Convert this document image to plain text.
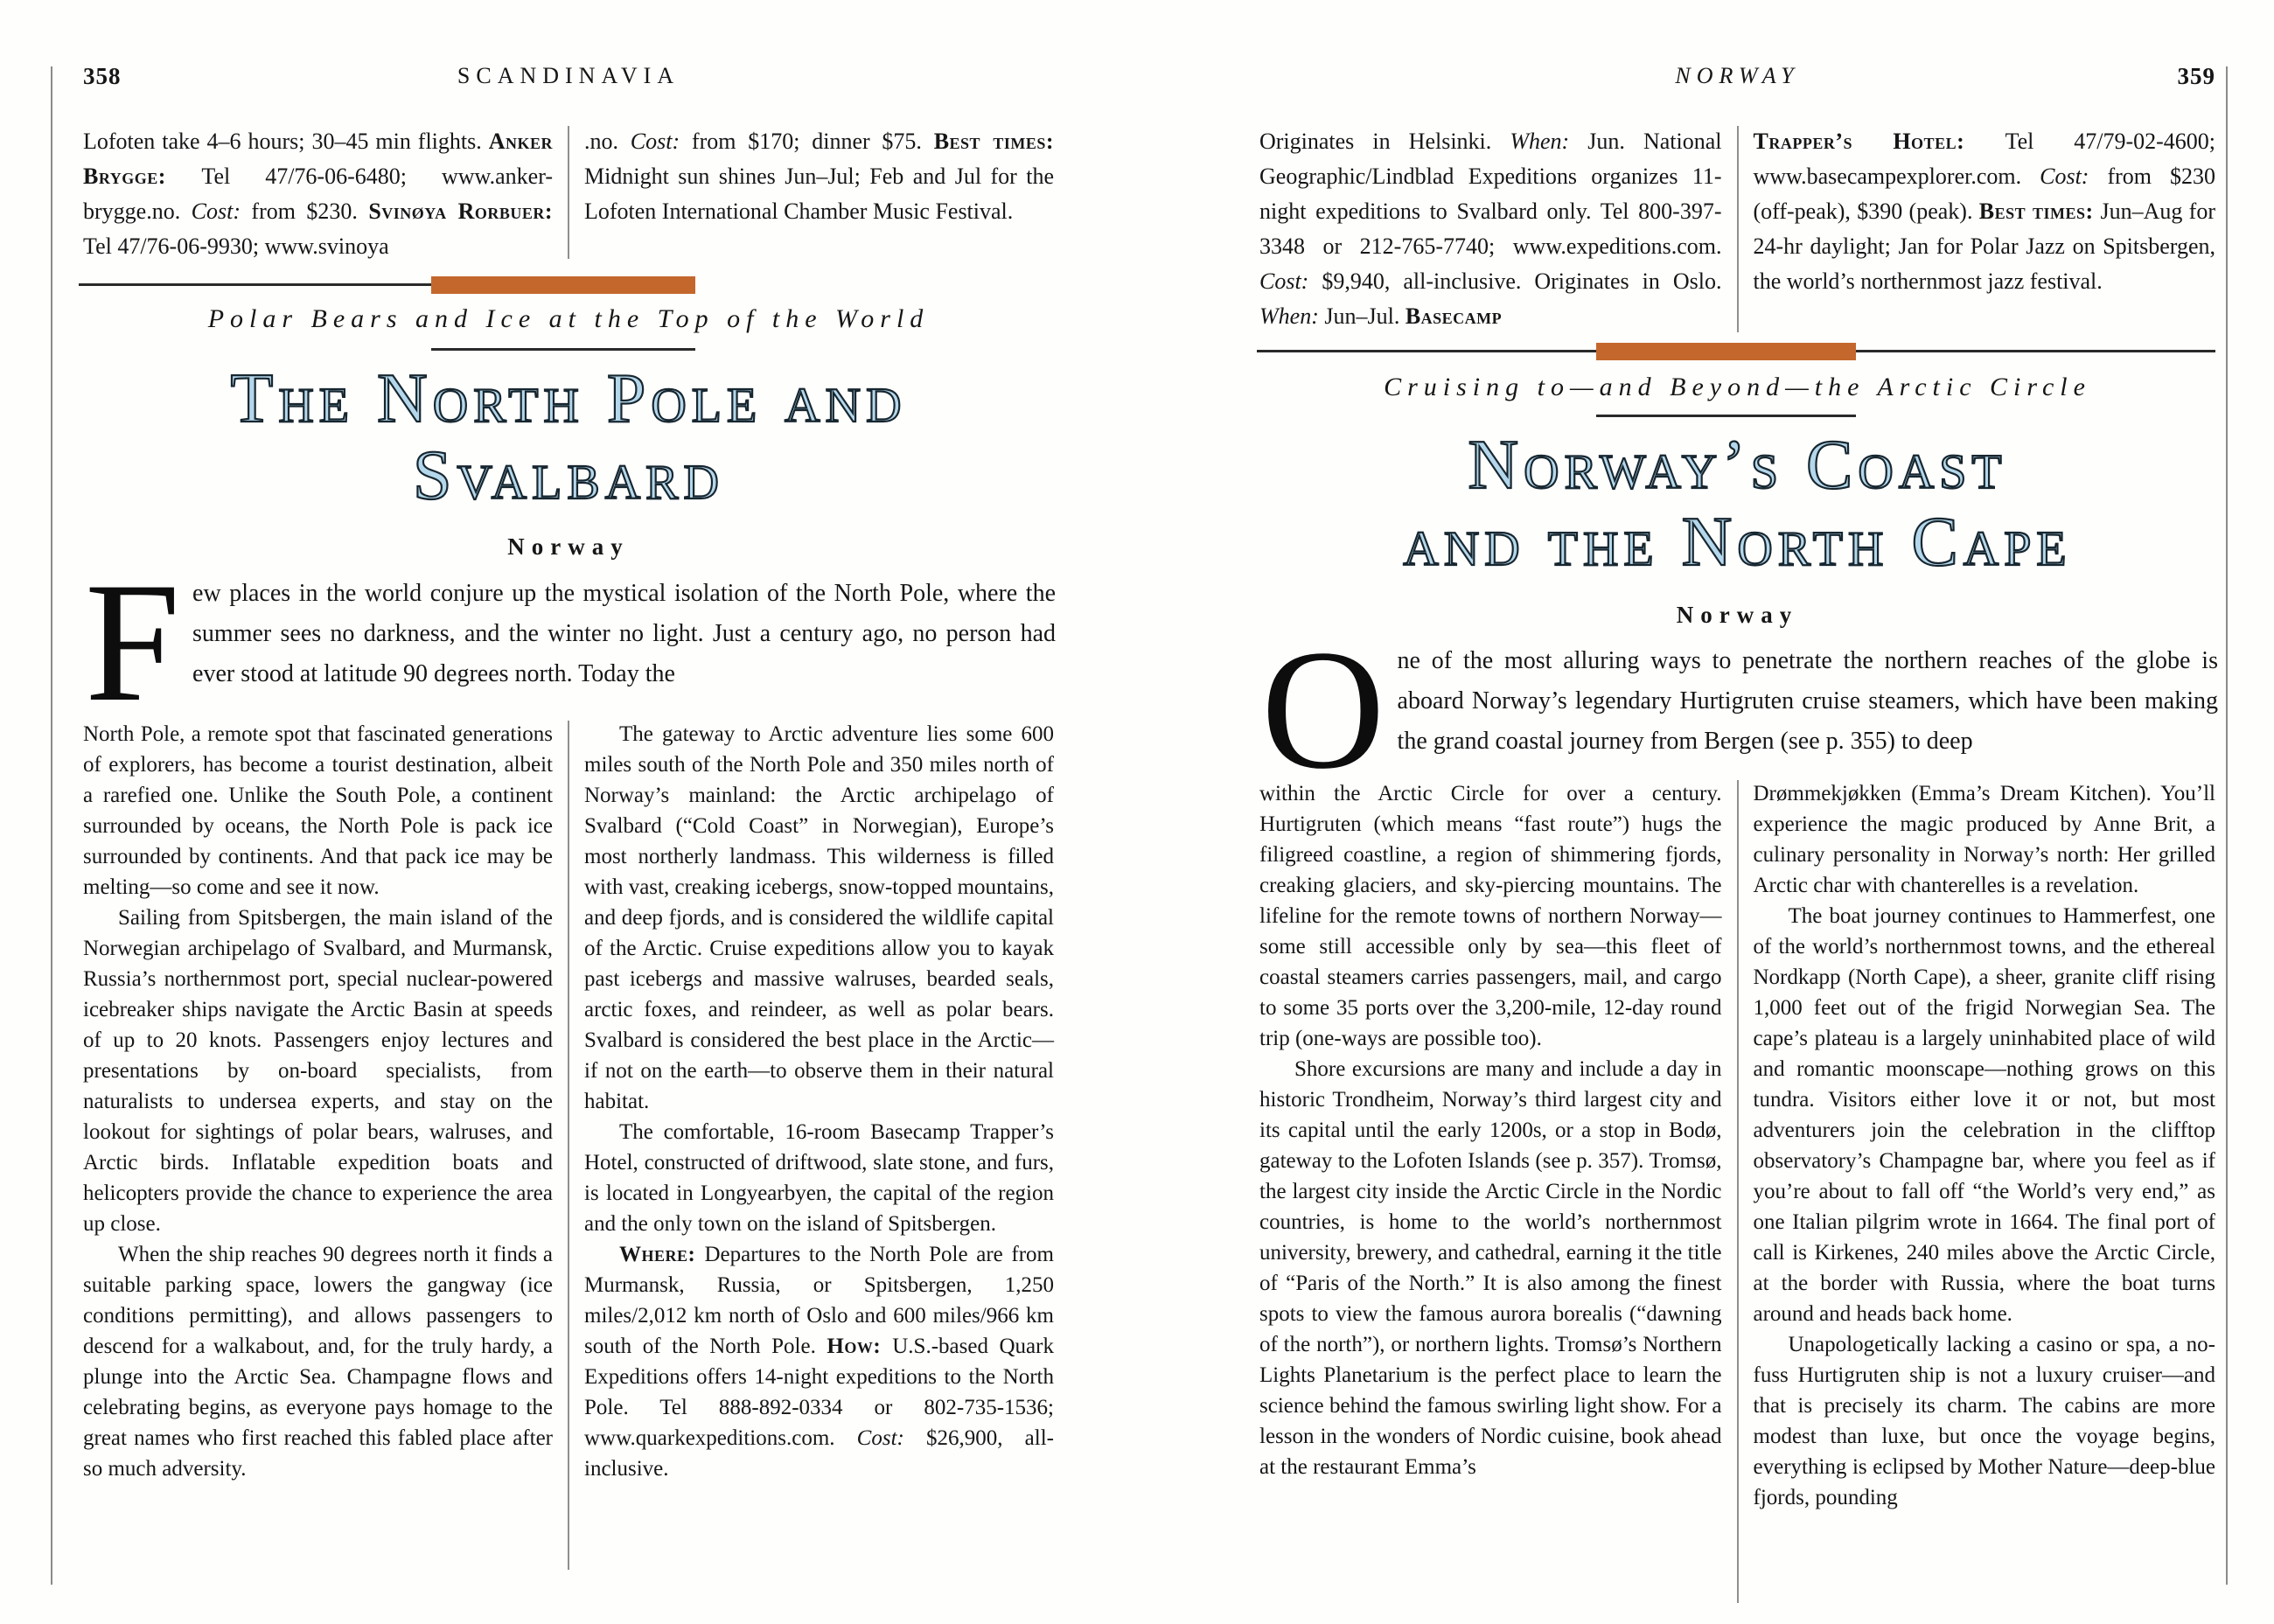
358	SCANDINAVIA

Lofoten take 4–6 hours; 30–45 min flights. Anker Brygge: Tel 47/76-06-6480; www.anker-brygge.no. Cost: from $230. Svinøya Rorbuer: Tel 47/76-06-9930; www.svinoya

.no. Cost: from $170; dinner $75. Best times: Midnight sun shines Jun–Jul; Feb and Jul for the Lofoten International Chamber Music Festival.

Polar Bears and Ice at the Top of the World
The North Pole and
Svalbard
Norway
Few places in the world conjure up the mystical isolation of the North Pole, where the summer sees no darkness, and the winter no light. Just a century ago, no person had ever stood at latitude 90 degrees north. Today the

North Pole, a remote spot that fascinated generations of explorers, has become a tourist destination, albeit a rarefied one. Unlike the South Pole, a continent surrounded by oceans, the North Pole is pack ice surrounded by continents. And that pack ice may be melting—so come and see it now.

Sailing from Spitsbergen, the main island of the Norwegian archipelago of Svalbard, and Murmansk, Russia’s northernmost port, special nuclear-powered icebreaker ships navigate the Arctic Basin at speeds of up to 20 knots. Passengers enjoy lectures and presentations by on-board specialists, from naturalists to undersea experts, and stay on the lookout for sightings of polar bears, walruses, and Arctic birds. Inflatable expedition boats and helicopters provide the chance to experience the area up close.

When the ship reaches 90 degrees north it finds a suitable parking space, lowers the gangway (ice conditions permitting), and allows passengers to descend for a walkabout, and, for the truly hardy, a plunge into the Arctic Sea. Champagne flows and celebrating begins, as everyone pays homage to the great names who first reached this fabled place after so much adversity.

The gateway to Arctic adventure lies some 600 miles south of the North Pole and 350 miles north of Norway’s mainland: the Arctic archipelago of Svalbard (“Cold Coast” in Norwegian), Europe’s most northerly landmass. This wilderness is filled with vast, creaking icebergs, snow-topped mountains, and deep fjords, and is considered the wildlife capital of the Arctic. Cruise expeditions allow you to kayak past icebergs and massive walruses, bearded seals, arctic foxes, and reindeer, as well as polar bears. Svalbard is considered the best place in the Arctic—if not on the earth—to observe them in their natural habitat.

The comfortable, 16-room Basecamp Trapper’s Hotel, constructed of driftwood, slate stone, and furs, is located in Longyearbyen, the capital of the region and the only town on the island of Spitsbergen.

Where: Departures to the North Pole are from Murmansk, Russia, or Spitsbergen, 1,250 miles/2,012 km north of Oslo and 600 miles/966 km south of the North Pole. How: U.S.-based Quark Expeditions offers 14-night expeditions to the North Pole. Tel 888-892-0334 or 802-735-1536; www.quarkexpeditions.com. Cost: $26,900, all-inclusive.

NORWAY	359

Originates in Helsinki. When: Jun. National Geographic/Lindblad Expeditions organizes 11-night expeditions to Svalbard only. Tel 800-397-3348 or 212-765-7740; www.expeditions.com. Cost: $9,940, all-inclusive. Originates in Oslo. When: Jun–Jul. Basecamp

Trapper’s Hotel: Tel 47/79-02-4600; www.basecampexplorer.com. Cost: from $230 (off-peak), $390 (peak). Best times: Jun–Aug for 24-hr daylight; Jan for Polar Jazz on Spitsbergen, the world’s northernmost jazz festival.

Cruising to—and Beyond—the Arctic Circle
Norway’s Coast
and the North Cape
Norway
One of the most alluring ways to penetrate the northern reaches of the globe is aboard Norway’s legendary Hurtigruten cruise steamers, which have been making the grand coastal journey from Bergen (see p. 355) to deep

within the Arctic Circle for over a century. Hurtigruten (which means “fast route”) hugs the filigreed coastline, a region of shimmering fjords, creaking glaciers, and sky-piercing mountains. The lifeline for the remote towns of northern Norway—some still accessible only by sea—this fleet of coastal steamers carries passengers, mail, and cargo to some 35 ports over the 3,200-mile, 12-day round trip (one-ways are possible too).

Shore excursions are many and include a day in historic Trondheim, Norway’s third largest city and its capital until the early 1200s, or a stop in Bodø, gateway to the Lofoten Islands (see p. 357). Tromsø, the largest city inside the Arctic Circle in the Nordic countries, is home to the world’s northernmost university, brewery, and cathedral, earning it the title of “Paris of the North.” It is also among the finest spots to view the famous aurora borealis (“dawning of the north”), or northern lights. Tromsø’s Northern Lights Planetarium is the perfect place to learn the science behind the famous swirling light show. For a lesson in the wonders of Nordic cuisine, book ahead at the restaurant Emma’s

Drømmekjøkken (Emma’s Dream Kitchen). You’ll experience the magic produced by Anne Brit, a culinary personality in Norway’s north: Her grilled Arctic char with chanterelles is a revelation.

The boat journey continues to Hammerfest, one of the world’s northernmost towns, and the ethereal Nordkapp (North Cape), a sheer, granite cliff rising 1,000 feet out of the frigid Norwegian Sea. The cape’s plateau is a largely uninhabited place of wild and romantic moonscape—nothing grows on this tundra. Visitors either love it or not, but most adventurers join the celebration in the clifftop observatory’s Champagne bar, where you feel as if you’re about to fall off “the World’s very end,” as one Italian pilgrim wrote in 1664. The final port of call is Kirkenes, 240 miles above the Arctic Circle, at the border with Russia, where the boat turns around and heads back home.

Unapologetically lacking a casino or spa, a no-fuss Hurtigruten ship is not a luxury cruiser—and that is precisely its charm. The cabins are more modest than luxe, but once the voyage begins, everything is eclipsed by Mother Nature—deep-blue fjords, pounding
